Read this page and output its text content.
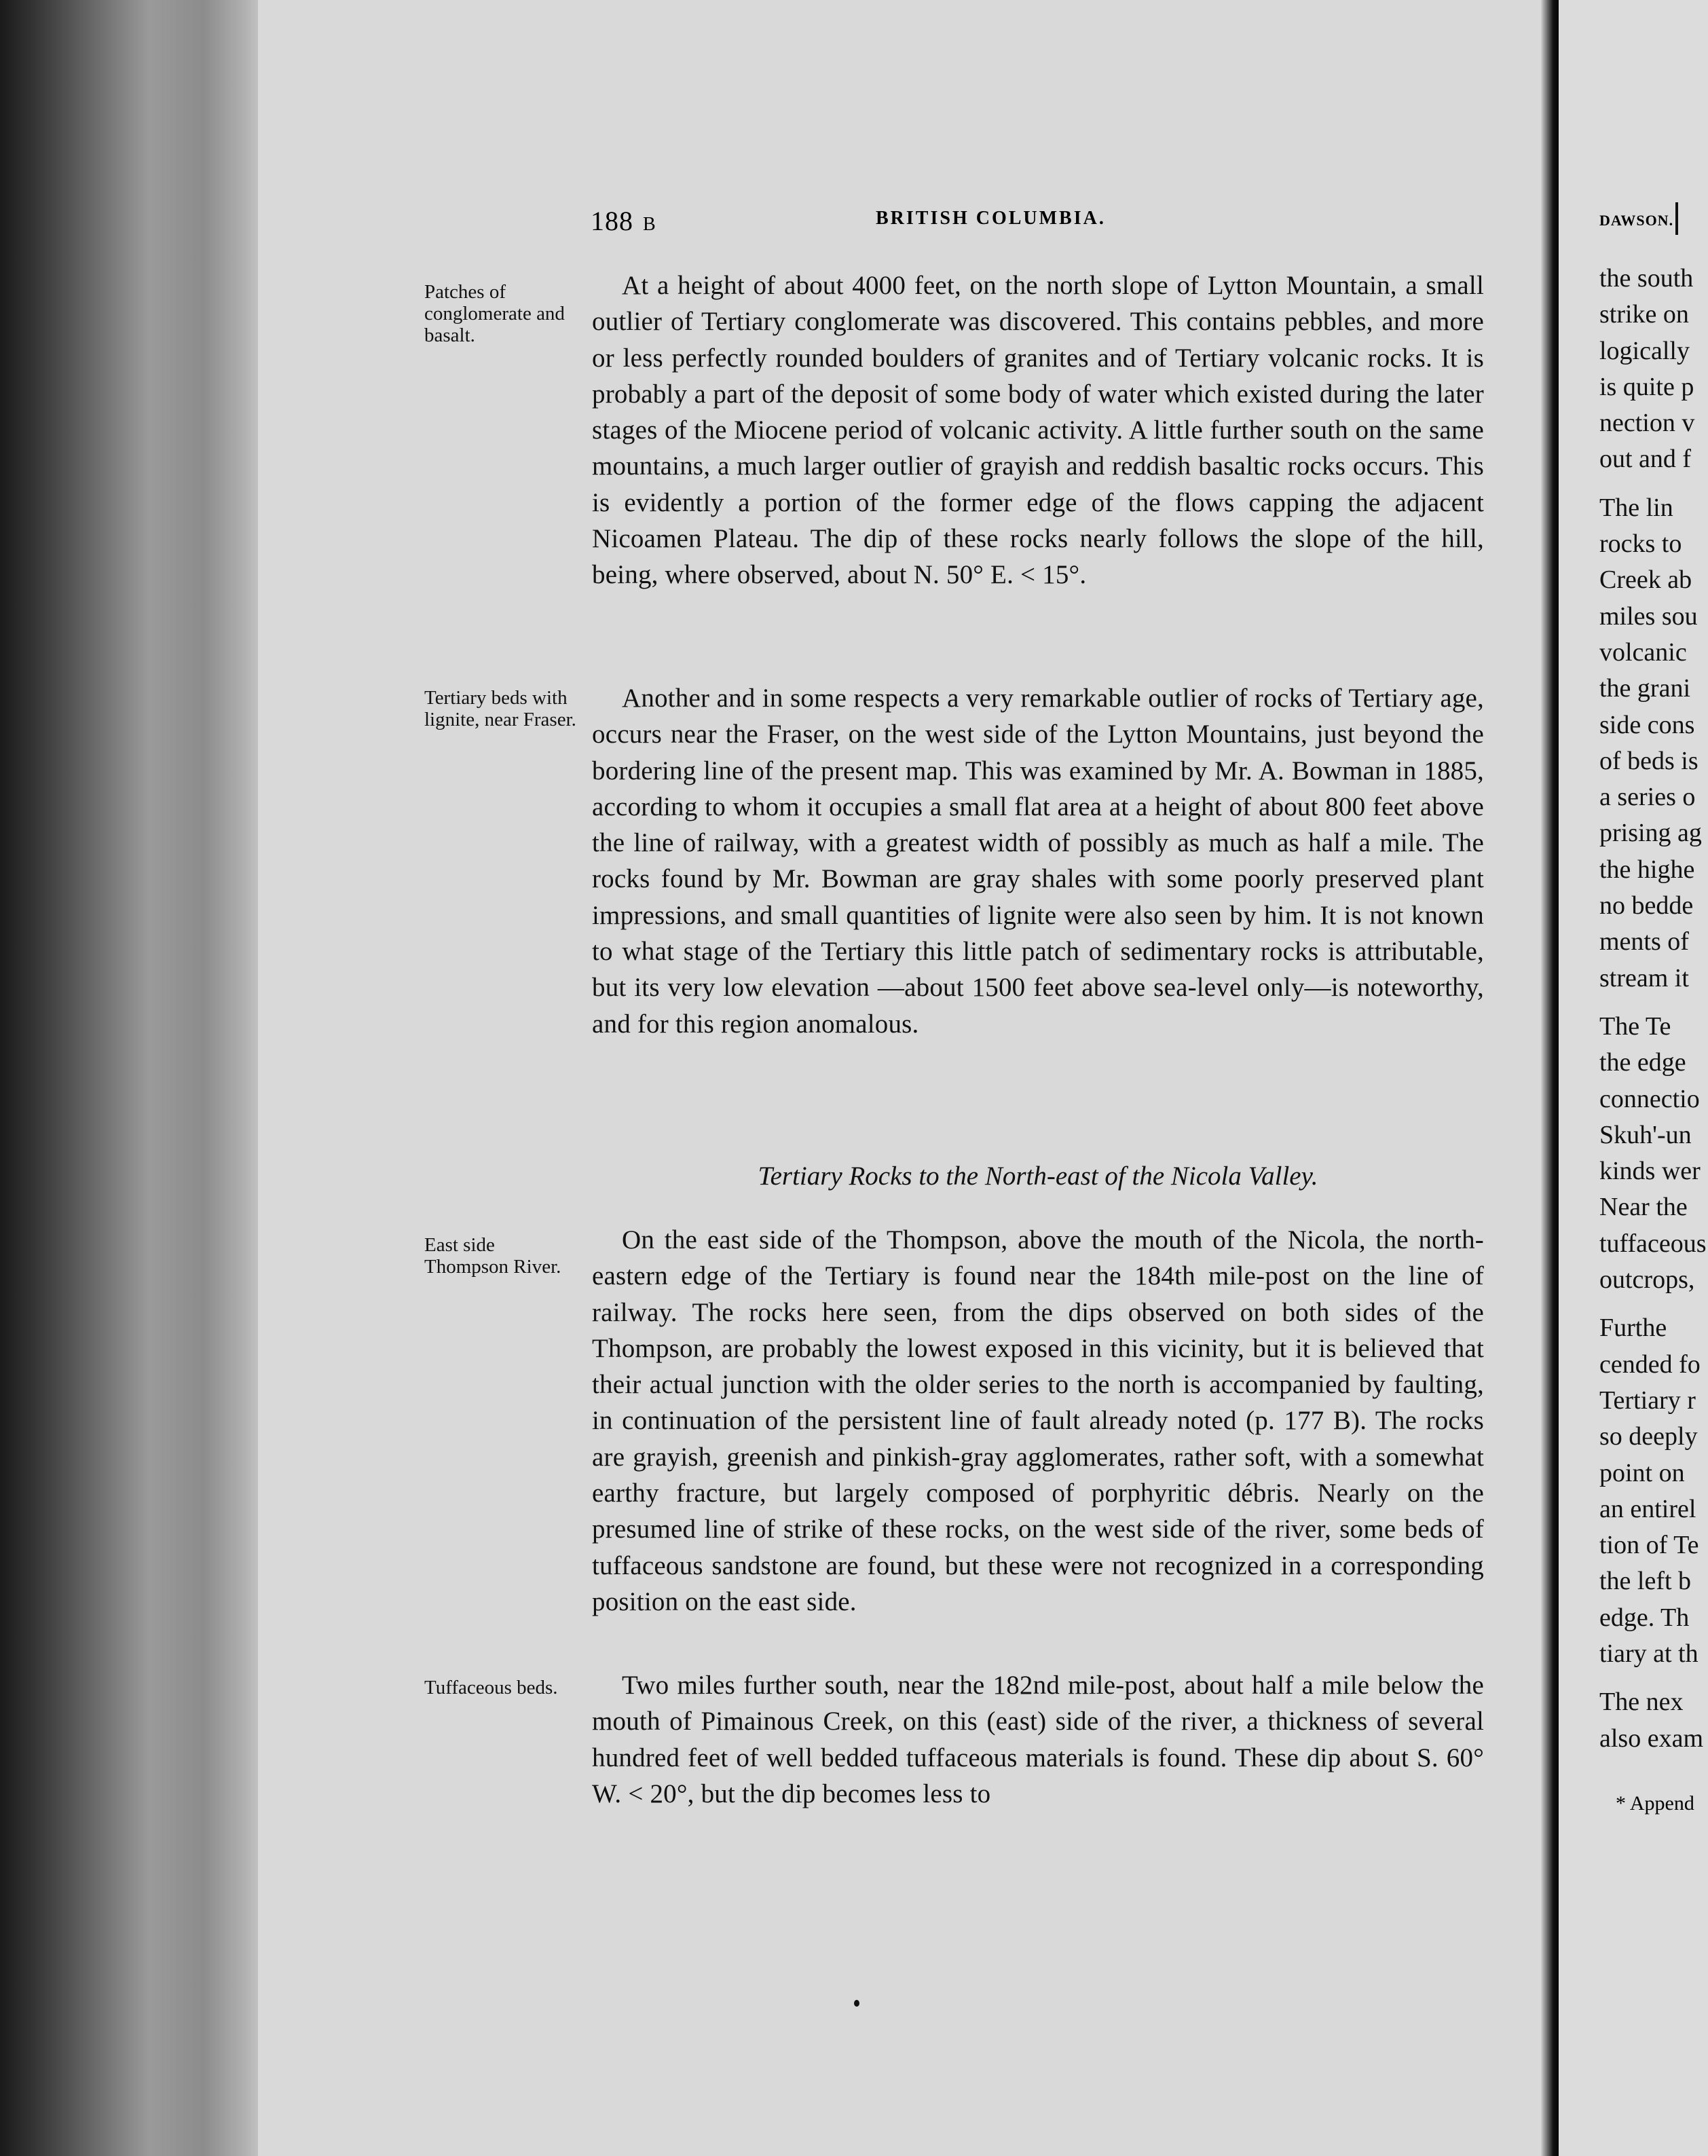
188 B	BRITISH COLUMBIA.
Patches of conglomerate and basalt.
Tertiary beds with lignite, near Fraser.
East side Thompson River.
Tuffaceous beds.
At a height of about 4000 feet, on the north slope of Lytton Mountain, a small outlier of Tertiary conglomerate was discovered. This contains pebbles, and more or less perfectly rounded boulders of granites and of Tertiary volcanic rocks. It is probably a part of the deposit of some body of water which existed during the later stages of the Miocene period of volcanic activity. A little further south on the same mountains, a much larger outlier of grayish and reddish basaltic rocks occurs. This is evidently a portion of the former edge of the flows capping the adjacent Nicoamen Plateau. The dip of these rocks nearly follows the slope of the hill, being, where observed, about N. 50° E. < 15°.
Another and in some respects a very remarkable outlier of rocks of Tertiary age, occurs near the Fraser, on the west side of the Lytton Mountains, just beyond the bordering line of the present map. This was examined by Mr. A. Bowman in 1885, according to whom it occupies a small flat area at a height of about 800 feet above the line of railway, with a greatest width of possibly as much as half a mile. The rocks found by Mr. Bowman are gray shales with some poorly preserved plant impressions, and small quantities of lignite were also seen by him. It is not known to what stage of the Tertiary this little patch of sedimentary rocks is attributable, but its very low elevation —about 1500 feet above sea-level only—is noteworthy, and for this region anomalous.
Tertiary Rocks to the North-east of the Nicola Valley.
On the east side of the Thompson, above the mouth of the Nicola, the north-eastern edge of the Tertiary is found near the 184th mile-post on the line of railway. The rocks here seen, from the dips observed on both sides of the Thompson, are probably the lowest exposed in this vicinity, but it is believed that their actual junction with the older series to the north is accompanied by faulting, in continuation of the persistent line of fault already noted (p. 177 B). The rocks are grayish, greenish and pinkish-gray agglomerates, rather soft, with a somewhat earthy fracture, but largely composed of porphyritic débris. Nearly on the presumed line of strike of these rocks, on the west side of the river, some beds of tuffaceous sandstone are found, but these were not recognized in a corresponding position on the east side.
Two miles further south, near the 182nd mile-post, about half a mile below the mouth of Pimainous Creek, on this (east) side of the river, a thickness of several hundred feet of well bedded tuffaceous materials is found. These dip about S. 60° W. < 20°, but the dip becomes less to
DAWSON.
the south
strike on
logically
is quite p
nection v
out and f
The lin
rocks to
Creek ab
miles sou
volcanic
the grani
side cons
of beds is
a series o
prising ag
the highe
no bedde
ments of
stream it
The Te
the edge
connectio
Skuh'-un
kinds wer
Near the
tuffaceous
outcrops,
Furthe
cended fo
Tertiary r
so deeply
point on
an entirel
tion of Te
the left b
edge. Th
tiary at th
The nex
also exam
* Append
